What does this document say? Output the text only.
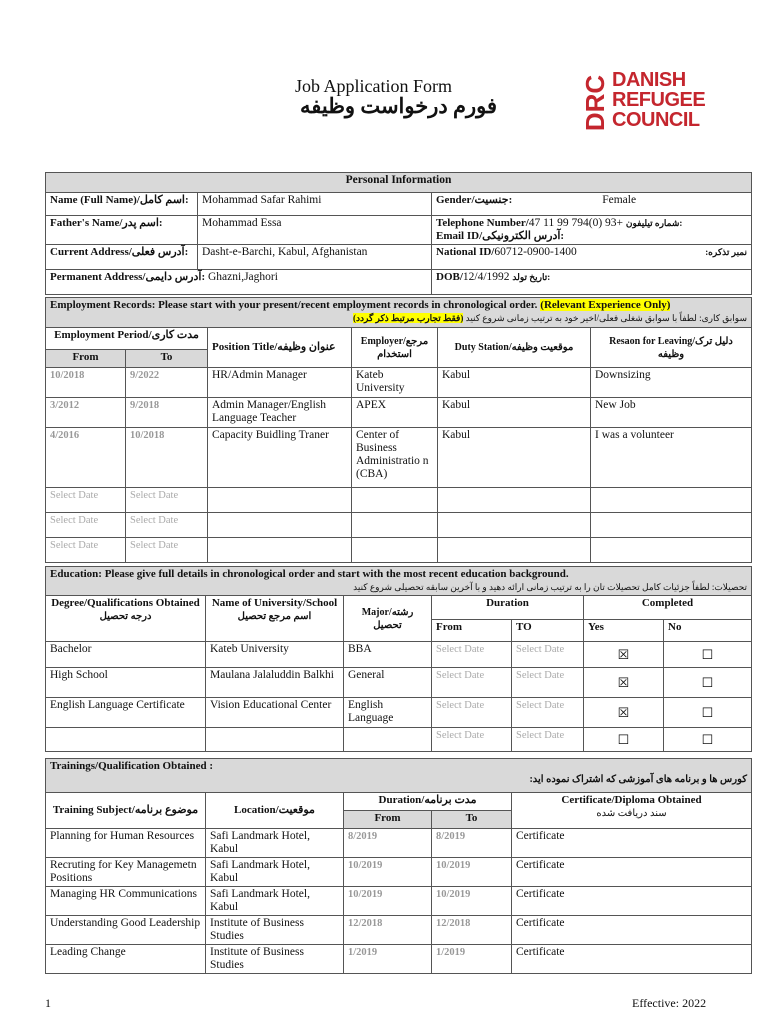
Job Application Form
فورم درخواست وظیفه	DRC DANISH
REFUGEE
COUNCIL
Personal Information		
Name (Full Name)/اسم کامل:	Mohammad Safar Rahimi	Gender/جنسیت: Female
Father's Name/اسم پدر:	Mohammad Essa	Telephone Number/47 11 99 794(0) 93+ شماره تیلیفون:
Email ID/آدرس الکترونیکی:
Current Address/آدرس فعلی:	Dasht-e-Barchi, Kabul, Afghanistan	National ID/60712-0900-1400 نمبر تذکره:

Permanent Address/آدرس دایمی: Ghazni,Jaghori		DOB/12/4/1992 تاریخ تولد:
Employment Records: Please start with your present/recent employment records in chronological order. (Relevant Experience Only)

سوابق کاری: لطفاً با سوابق شغلی فعلی/اخیر خود به ترتیب زمانی شروع کنید (فقط تجارب مرتبط ذکر گردد)					

Employment Period/مدت کاری		Position Title/عنوان وظیفه	Employer/مرجع استخدام	Duty Station/موقعیت وظیفه	Resaon for Leaving/دلیل ترک وظیفه
From	To				
10/2018	9/2022	HR/Admin Manager	Kateb University	Kabul	Downsizing
3/2012	9/2018	Admin Manager/English Language Teacher	APEX	Kabul	New Job
4/2016	10/2018	Capacity Buidling Traner	Center of Business Administratio n (CBA)	Kabul	I was a volunteer
Select Date	Select Date				
Select Date	Select Date				
Select Date	Select Date				
Education: Please give full details in chronological order and start with the most recent education background.

تحصیلات: لطفاً جزئیات کامل تحصیلات تان را به ترتیب زمانی ارائه دهید و با آخرین سابقه تحصیلی شروع کنید						

Degree/Qualifications Obtained
درجه تحصیل	Name of University/School
اسم مرجع تحصیل	Major/رشته تحصیل	Duration		Completed	
			From	TO	Yes	No
Bachelor	Kateb University	BBA	Select Date	Select Date	☒	☐
High School	Maulana Jalaluddin Balkhi	General	Select Date	Select Date	☒	☐
English Language Certificate	Vision Educational Center	English Language	Select Date	Select Date	☒	☐
			Select Date	Select Date	☐	☐
Trainings/Qualification Obtained :

کورس ها و برنامه های آموزشی که اشتراک نموده اید:				

Training Subject/موضوع برنامه	Location/موقعیت	Duration/مدت برنامه		Certificate/Diploma Obtained
سند دریافت شده
		From	To	
Planning for Human Resources	Safi Landmark Hotel, Kabul	8/2019	8/2019	Certificate
Recruting for Key Managemetn Positions	Safi Landmark Hotel, Kabul	10/2019	10/2019	Certificate
Managing HR Communications	Safi Landmark Hotel, Kabul	10/2019	10/2019	Certificate
Understanding Good Leadership	Institute of Business Studies	12/2018	12/2018	Certificate
Leading Change	Institute of Business Studies	1/2019	1/2019	Certificate
1	Effective: 2022
